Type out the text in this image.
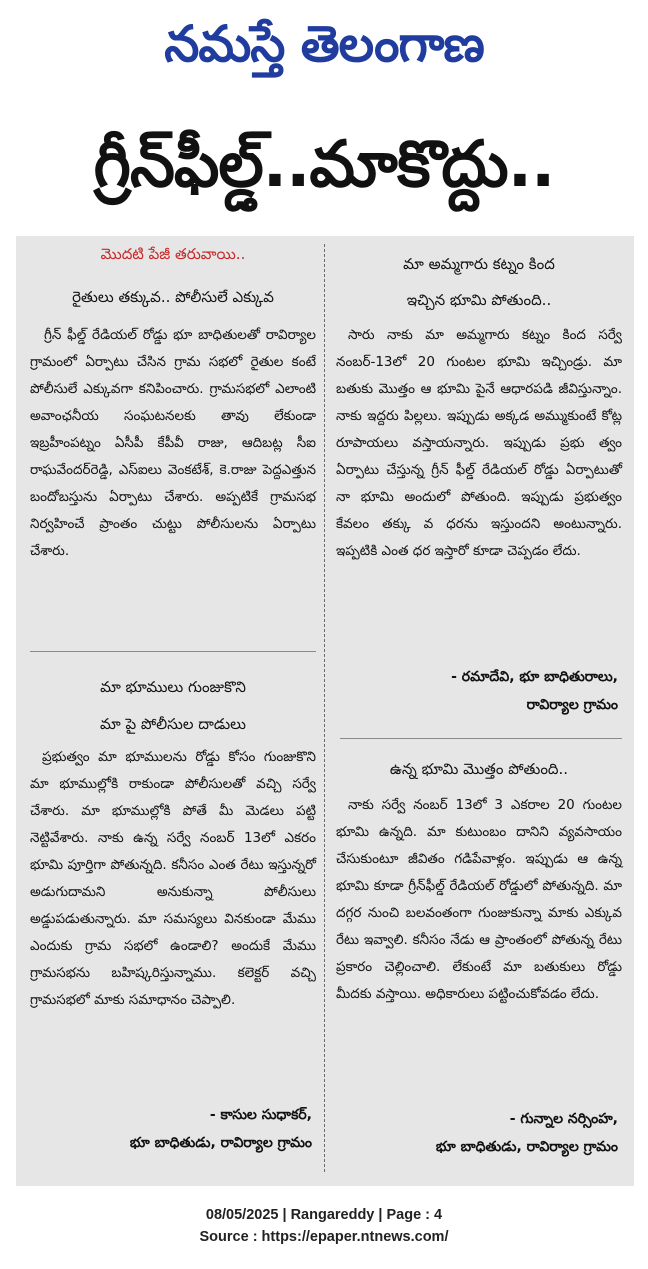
నమస్తే తెలంగాణ
గ్రీన్‌ఫీల్డ్‌..మాకొద్దు..
మొదటి పేజీ తరువాయి..
రైతులు తక్కువ.. పోలీసులే ఎక్కువ
గ్రీన్ ఫీల్డ్ రేడియల్ రోడ్డు భూ బాధితులతో రావిర్యాల గ్రామంలో ఏర్పాటు చేసిన గ్రామ సభలో రైతుల కంటే పోలీసులే ఎక్కువగా కనిపించారు. గ్రామసభలో ఎలాంటి అవాంఛనీయ సంఘటనలకు తావు లేకుండా ఇబ్రహీంపట్నం ఏసీపీ కేపీవీ రాజు, ఆదిబట్ల సీఐ రాఘవేందర్‌రెడ్డి, ఎస్ఐలు వెంకటేశ్, కె.రాజు పెద్దఎత్తున బందోబస్తును ఏర్పాటు చేశారు. అప్పటికే గ్రామసభ నిర్వహించే ప్రాంతం చుట్టు పోలీసులను ఏర్పాటు చేశారు.
మా భూములు గుంజుకొని
మా పై పోలీసుల దాడులు
ప్రభుత్వం మా భూములను రోడ్డు కోసం గుంజుకొని మా భూముల్లోకి రాకుండా పోలీసులతో వచ్చి సర్వే చేశారు. మా భూముల్లోకి పోతే మీ మెడలు పట్టి నెట్టివేశారు. నాకు ఉన్న సర్వే నంబర్ 13లో ఎకరం భూమి పూర్తిగా పోతున్నది. కనీసం ఎంత రేటు ఇస్తున్నరో అడుగుదామని అనుకున్నా పోలీసులు అడ్డుపడుతున్నారు. మా సమస్యలు వినకుండా మేము ఎందుకు గ్రామ సభలో ఉండాలి? అందుకే మేము గ్రామసభను బహిష్కరిస్తున్నాము. కలెక్టర్ వచ్చి గ్రామసభలో మాకు సమాధానం చెప్పాలి.
- కాసుల సుధాకర్,
భూ బాధితుడు, రావిర్యాల గ్రామం
మా అమ్మగారు కట్నం కింద
ఇచ్చిన భూమి పోతుంది..
సారు నాకు మా అమ్మగారు కట్నం కింద సర్వే నంబర్-13లో 20 గుంటల భూమి ఇచ్చిండ్రు. మా బతుకు మొత్తం ఆ భూమి పైనే ఆధారపడి జీవిస్తున్నాం. నాకు ఇద్దరు పిల్లలు. ఇప్పుడు అక్కడ అమ్ముకుంటే కోట్ల రూపాయలు వస్తాయన్నారు. ఇప్పుడు ప్రభు త్వం ఏర్పాటు చేస్తున్న గ్రీన్ ఫీల్డ్ రేడియల్ రోడ్డు ఏర్పాటుతో నా భూమి అందులో పోతుంది. ఇప్పుడు ప్రభుత్వం కేవలం తక్కు వ ధరను ఇస్తుందని అంటున్నారు. ఇప్పటికి ఎంత ధర ఇస్తారో కూడా చెప్పడం లేదు.
- రమాదేవి, భూ బాధితురాలు,
రావిర్యాల గ్రామం
ఉన్న భూమి మొత్తం పోతుంది..
నాకు సర్వే నంబర్ 13లో 3 ఎకరాల 20 గుంటల భూమి ఉన్నది. మా కుటుంబం దానిని వ్యవసాయం చేసుకుంటూ జీవితం గడిపేవాళ్లం. ఇప్పుడు ఆ ఉన్న భూమి కూడా గ్రీన్‌ఫీల్డ్ రేడియల్ రోడ్డులో పోతున్నది. మా దగ్గర నుంచి బలవంతంగా గుంజుకున్నా మాకు ఎక్కువ రేటు ఇవ్వాలి. కనీసం నేడు ఆ ప్రాంతంలో పోతున్న రేటు ప్రకారం చెల్లించాలి. లేకుంటే మా బతుకులు రోడ్డు మీదకు వస్తాయి. అధికారులు పట్టించుకోవడం లేదు.
- గున్నాల నర్సింహ,
భూ బాధితుడు, రావిర్యాల గ్రామం
08/05/2025 | Rangareddy | Page : 4
Source : https://epaper.ntnews.com/
